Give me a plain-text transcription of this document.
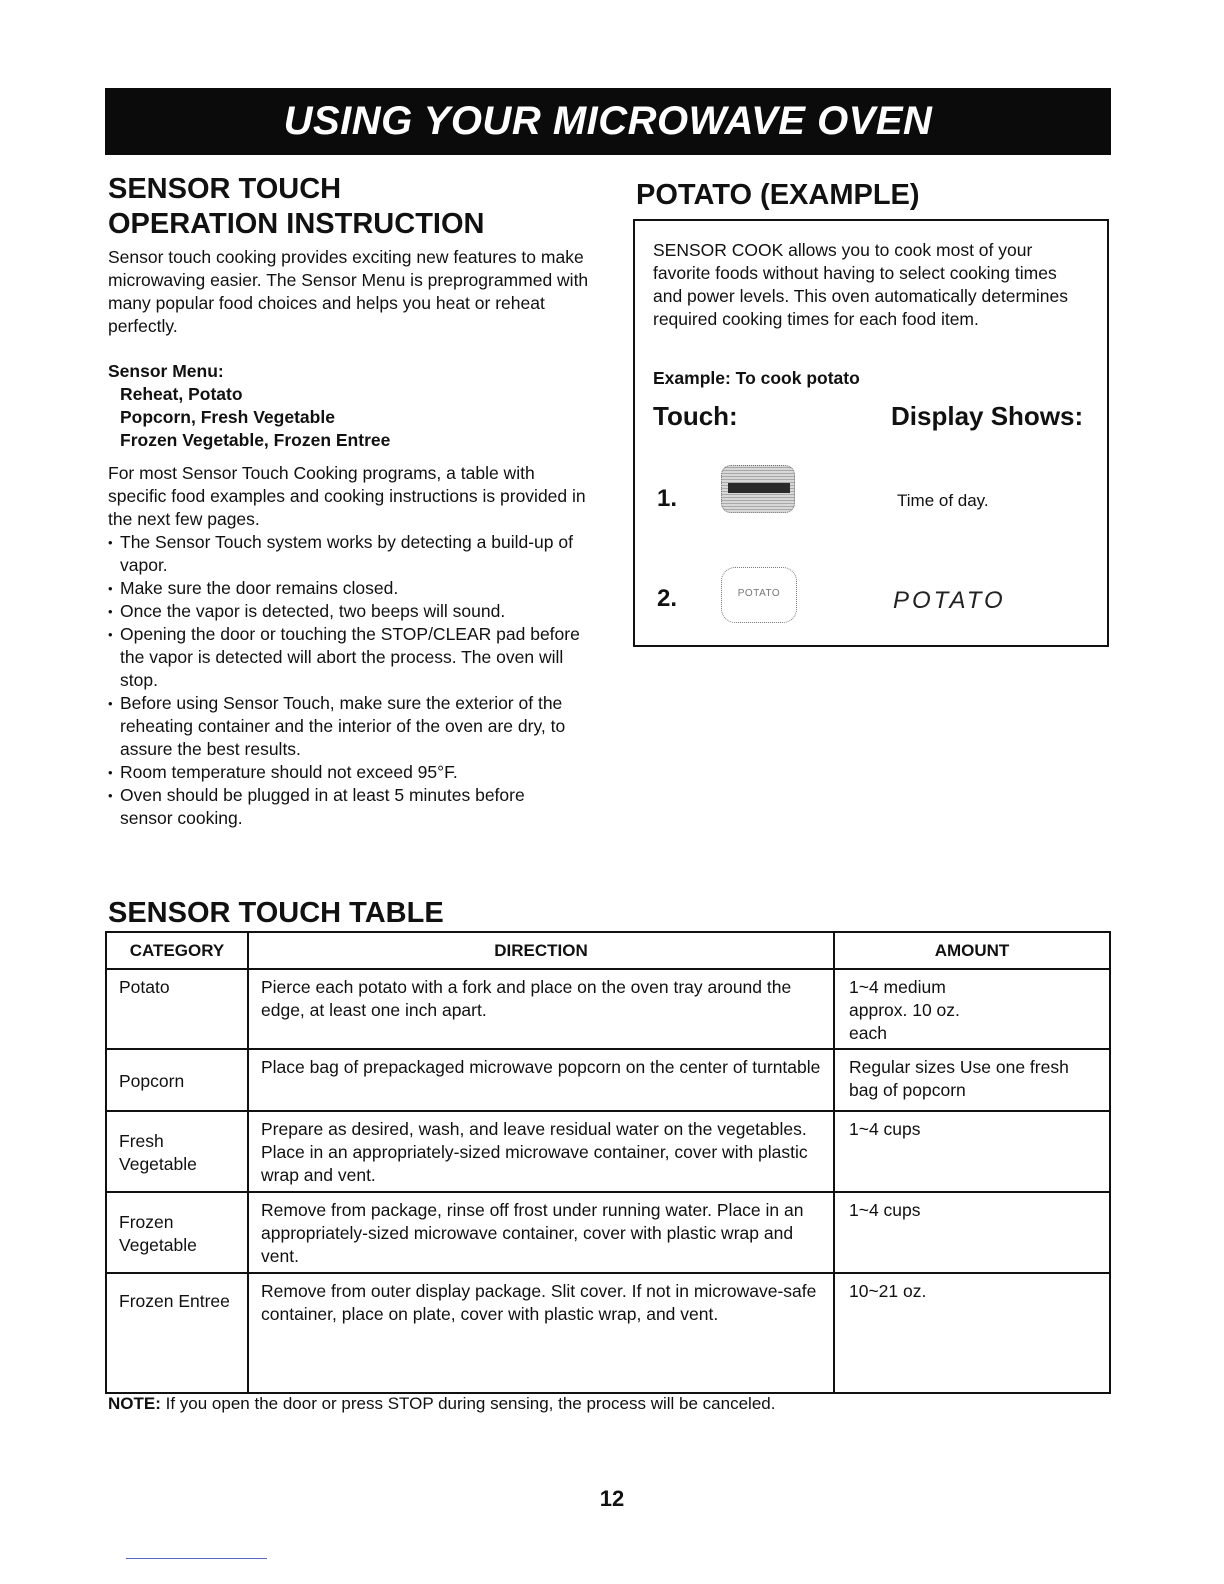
USING YOUR MICROWAVE OVEN
SENSOR TOUCH
OPERATION INSTRUCTION
Sensor touch cooking provides exciting new features to make microwaving easier. The Sensor Menu is preprogrammed with many popular food choices and helps you heat or reheat perfectly.
Sensor Menu:
Reheat, Potato
Popcorn, Fresh Vegetable
Frozen Vegetable, Frozen Entree
For most Sensor Touch Cooking programs, a table with specific food examples and cooking instructions is provided in the next few pages.
• The Sensor Touch system works by detecting a build-up of vapor.
• Make sure the door remains closed.
• Once the vapor is detected, two beeps will sound.
• Opening the door or touching the STOP/CLEAR pad before the vapor is detected will abort the process. The oven will stop.
• Before using Sensor Touch, make sure the exterior of the reheating container and the interior of the oven are dry, to assure the best results.
• Room temperature should not exceed 95°F.
• Oven should be plugged in at least 5 minutes before sensor cooking.
POTATO (EXAMPLE)
SENSOR COOK allows you to cook most of your favorite foods without having to select cooking times and power levels. This oven automatically determines required cooking times for each food item.
Example: To cook potato
Touch:	Display Shows:
1.	Time of day.
2.	POTATO	POTATO
SENSOR TOUCH TABLE
CATEGORY	DIRECTION	AMOUNT
Potato	Pierce each potato with a fork and place on the oven tray around the edge, at least one inch apart.	1~4 medium approx. 10 oz. each
Popcorn	Place bag of prepackaged microwave popcorn on the center of turntable	Regular sizes Use one fresh bag of popcorn
Fresh Vegetable	Prepare as desired, wash, and leave residual water on the vegetables. Place in an appropriately-sized microwave container, cover with plastic wrap and vent.	1~4 cups
Frozen Vegetable	Remove from package, rinse off frost under running water. Place in an appropriately-sized microwave container, cover with plastic wrap and vent.	1~4 cups
Frozen Entree	Remove from outer display package. Slit cover. If not in microwave-safe container, place on plate, cover with plastic wrap, and vent.	10~21 oz.
NOTE: If you open the door or press STOP during sensing, the process will be canceled.
12
